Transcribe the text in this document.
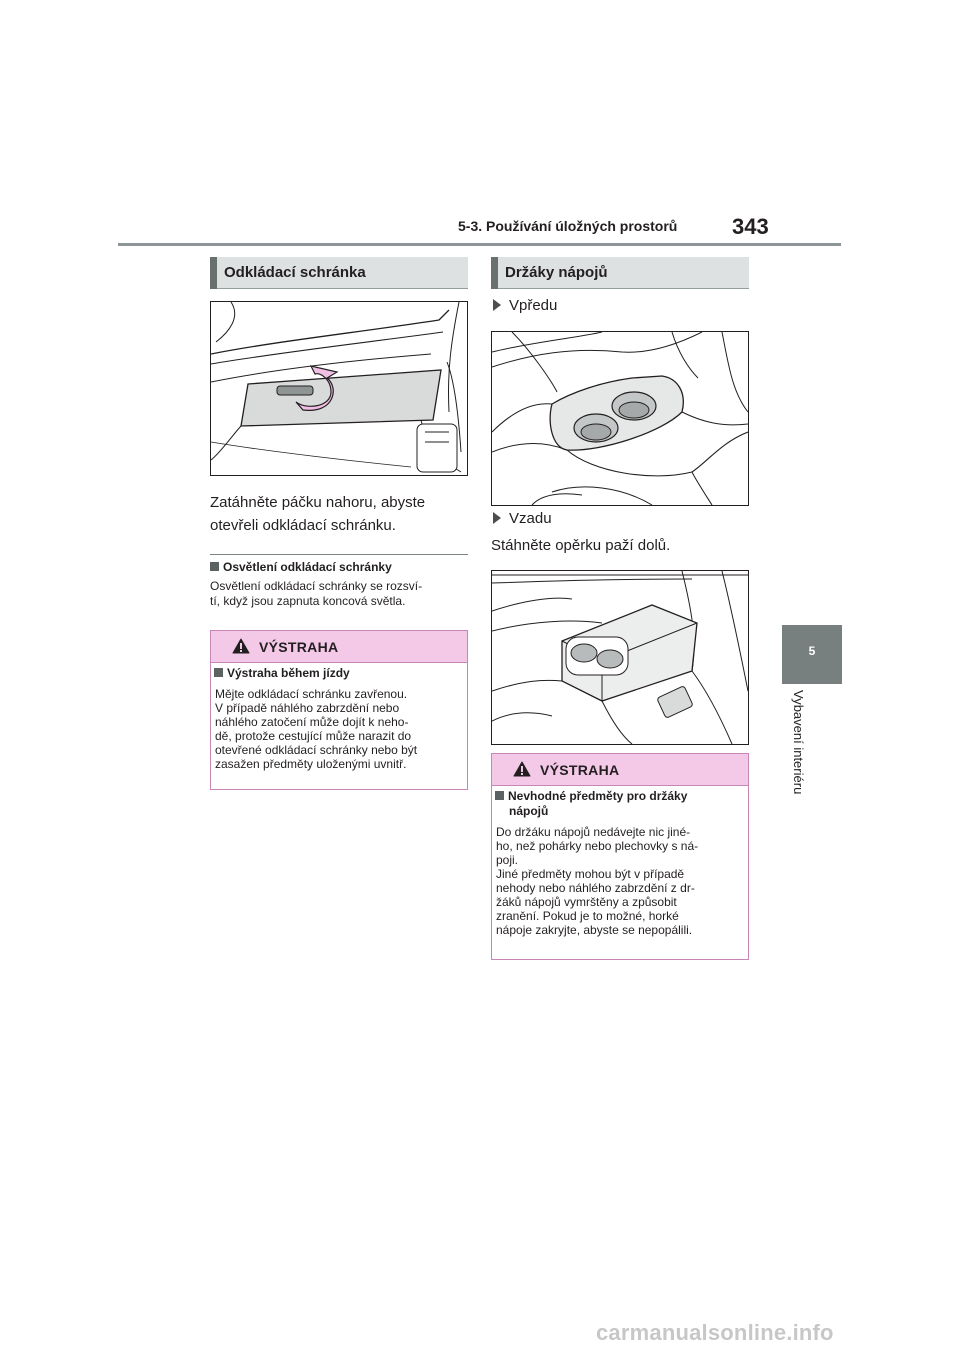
5-3. Používání úložných prostorů 343
5
Vybavení interiéru
Odkládací schránka
Zatáhněte páčku nahoru, abyste
otevřeli odkládací schránku.
Osvětlení odkládací schránky
Osvětlení odkládací schránky se rozsví-
tí, když jsou zapnuta koncová světla.
VÝSTRAHA
Výstraha během jízdy
Mějte odkládací schránku zavřenou.
V případě náhlého zabrzdění nebo
náhlého zatočení může dojít k neho-
dě, protože cestující může narazit do
otevřené odkládací schránky nebo být
zasažen předměty uloženými uvnitř.
Držáky nápojů
Vpředu
Vzadu
Stáhněte opěrku paží dolů.
VÝSTRAHA
Nevhodné předměty pro držáky
nápojů
Do držáku nápojů nedávejte nic jiné-
ho, než pohárky nebo plechovky s ná-
poji.
Jiné předměty mohou být v případě
nehody nebo náhlého zabrzdění z dr-
žáků nápojů vymrštěny a způsobit
zranění. Pokud je to možné, horké
nápoje zakryjte, abyste se nepopálili.
carmanualsonline.info
